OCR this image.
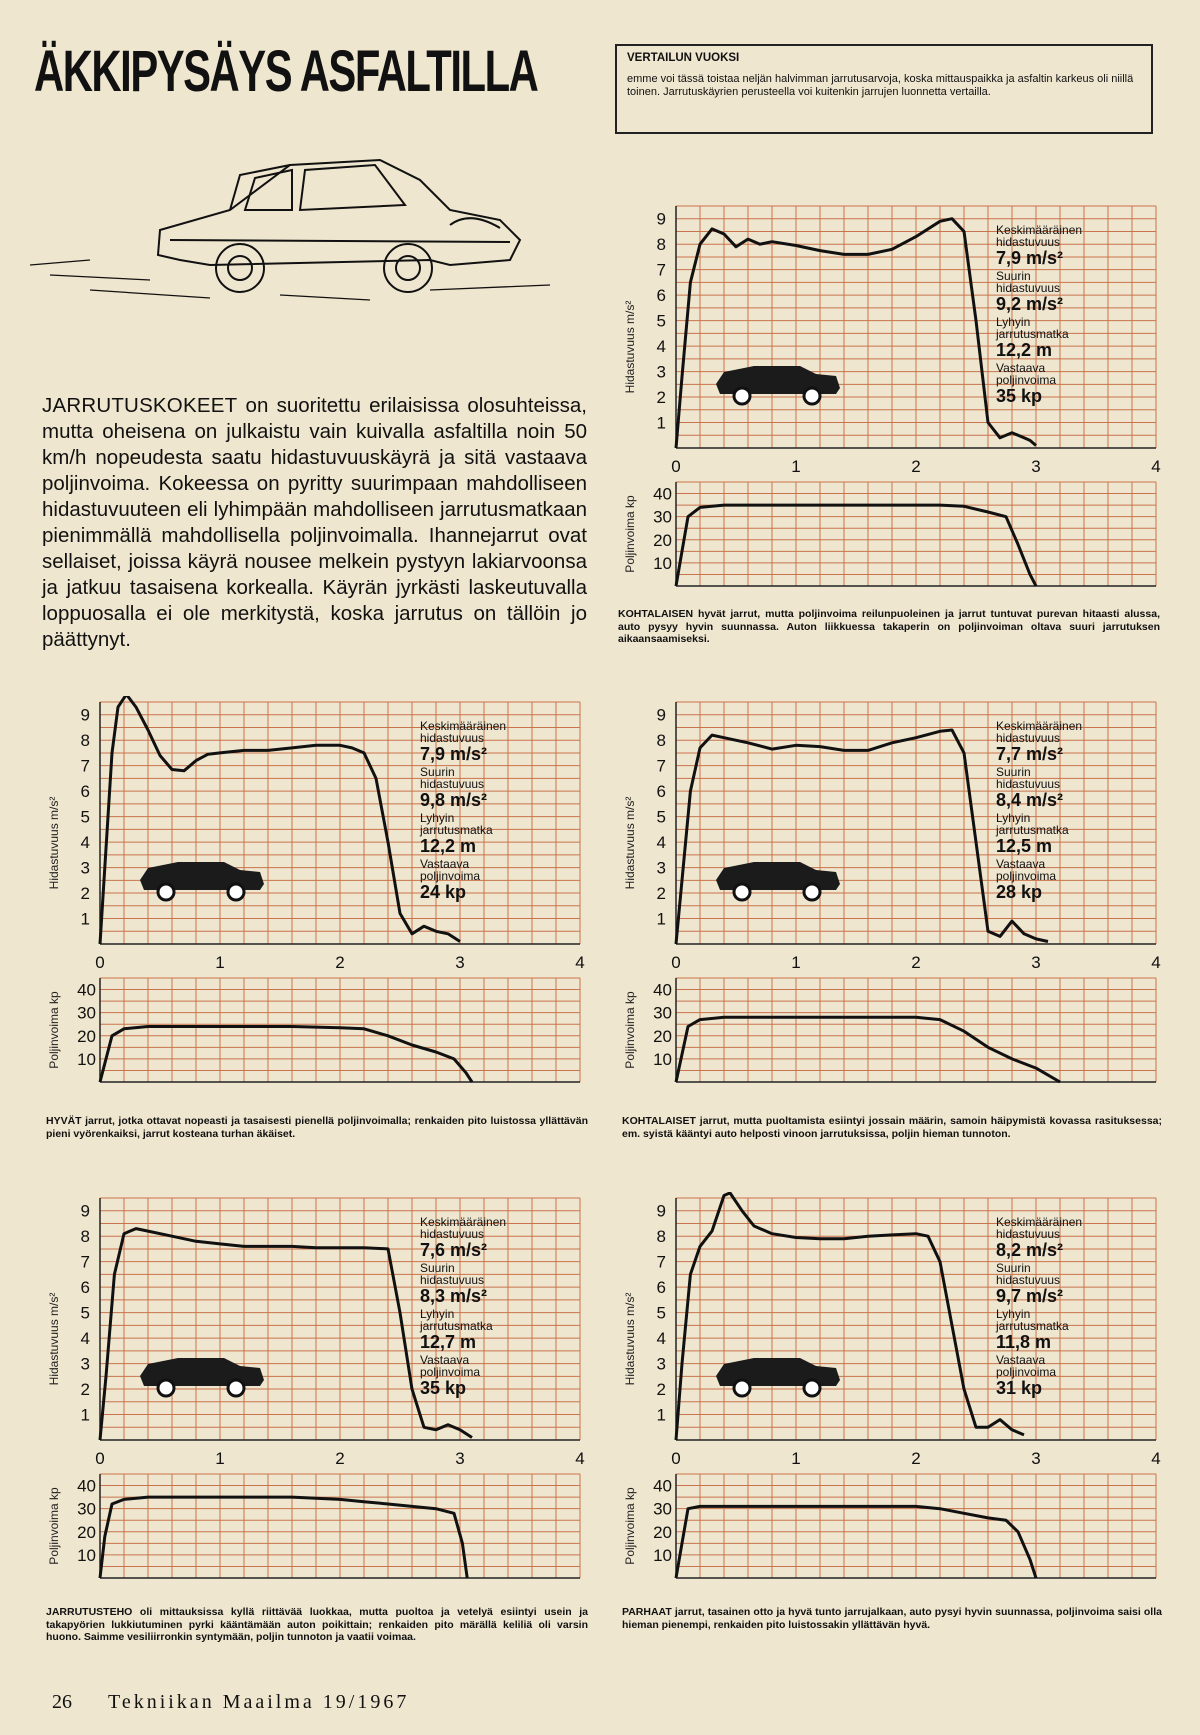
ÄKKIPYSÄYS ASFALTILLA	VERTAILUN VUOKSI
emme voi tässä toistaa neljän halvimman jarrutusarvoja, koska mittauspaikka ja asfaltin karkeus oli niillä toinen. Jarrutuskäyrien perusteella voi kuitenkin jarrujen luonnetta vertailla.
JARRUTUSKOKEET on suoritettu erilaisissa olosuhteissa, mutta oheisena on julkaistu vain kuivalla asfaltilla noin 50 km/h nopeudesta saatu hidastuvuuskäyrä ja sitä vastaava poljinvoima. Kokeessa on pyritty suurimpaan mahdolliseen hidastuvuuteen eli lyhimpään mahdolliseen jarrutusmatkaan pienimmällä mahdollisella poljinvoimalla. Ihannejarrut ovat sellaiset, joissa käyrä nousee melkein pystyyn lakiarvoonsa ja jatkuu tasaisena korkealla. Käyrän jyrkästi laskeutuvalla loppuosalla ei ole merkitystä, koska jarrutus on tällöin jo päättynyt.
1
2
3
4
5
6
7
8
9
10
20
30
40
0	1	2	3	4
Hidastuvuus m/s²
Poljinvoima kp
Keskimääräinen
hidastuvuus
7,9 m/s²
Suurin
hidastuvuus
9,2 m/s²
Lyhyin
jarrutusmatka
12,2 m
Vastaava
poljinvoima
35 kp
KOHTALAISEN hyvät jarrut, mutta poljinvoima reilunpuoleinen ja jarrut tuntuvat purevan hitaasti alussa, auto pysyy hyvin suunnassa. Auton liikkuessa takaperin on poljinvoiman oltava suuri jarrutuksen aikaansaamiseksi.
1
2
3
4
5
6
7
8
9
10
20
30
40
0	1	2	3	4
Hidastuvuus m/s²
Poljinvoima kp
Keskimääräinen
hidastuvuus
7,9 m/s²
Suurin
hidastuvuus
9,8 m/s²
Lyhyin
jarrutusmatka
12,2 m
Vastaava
poljinvoima
24 kp
HYVÄT jarrut, jotka ottavat nopeasti ja tasaisesti pienellä poljinvoimalla; renkaiden pito luistossa yllättävän pieni vyörenkaiksi, jarrut kosteana turhan äkäiset.
1
2
3
4
5
6
7
8
9
10
20
30
40
0	1	2	3	4
Hidastuvuus m/s²
Poljinvoima kp
Keskimääräinen
hidastuvuus
7,7 m/s²
Suurin
hidastuvuus
8,4 m/s²
Lyhyin
jarrutusmatka
12,5 m
Vastaava
poljinvoima
28 kp
KOHTALAISET jarrut, mutta puoltamista esiintyi jossain määrin, samoin häipymistä kovassa rasituksessa; em. syistä kääntyi auto helposti vinoon jarrutuksissa, poljin hieman tunnoton.
1
2
3
4
5
6
7
8
9
10
20
30
40
0	1	2	3	4
Hidastuvuus m/s²
Poljinvoima kp
Keskimääräinen
hidastuvuus
7,6 m/s²
Suurin
hidastuvuus
8,3 m/s²
Lyhyin
jarrutusmatka
12,7 m
Vastaava
poljinvoima
35 kp
JARRUTUSTEHO oli mittauksissa kyllä riittävää luokkaa, mutta puoltoa ja vetelyä esiintyi usein ja takapyörien lukkiutuminen pyrki kääntämään auton poikittain; renkaiden pito märällä keliliä oli varsin huono. Saimme vesiliirronkin syntymään, poljin tunnoton ja vaatii voimaa.
1
2
3
4
5
6
7
8
9
10
20
30
40
0	1	2	3	4
Hidastuvuus m/s²
Poljinvoima kp
Keskimääräinen
hidastuvuus
8,2 m/s²
Suurin
hidastuvuus
9,7 m/s²
Lyhyin
jarrutusmatka
11,8 m
Vastaava
poljinvoima
31 kp
PARHAAT jarrut, tasainen otto ja hyvä tunto jarrujalkaan, auto pysyi hyvin suunnassa, poljinvoima saisi olla hieman pienempi, renkaiden pito luistossakin yllättävän hyvä.
26 Tekniikan Maailma 19/1967
